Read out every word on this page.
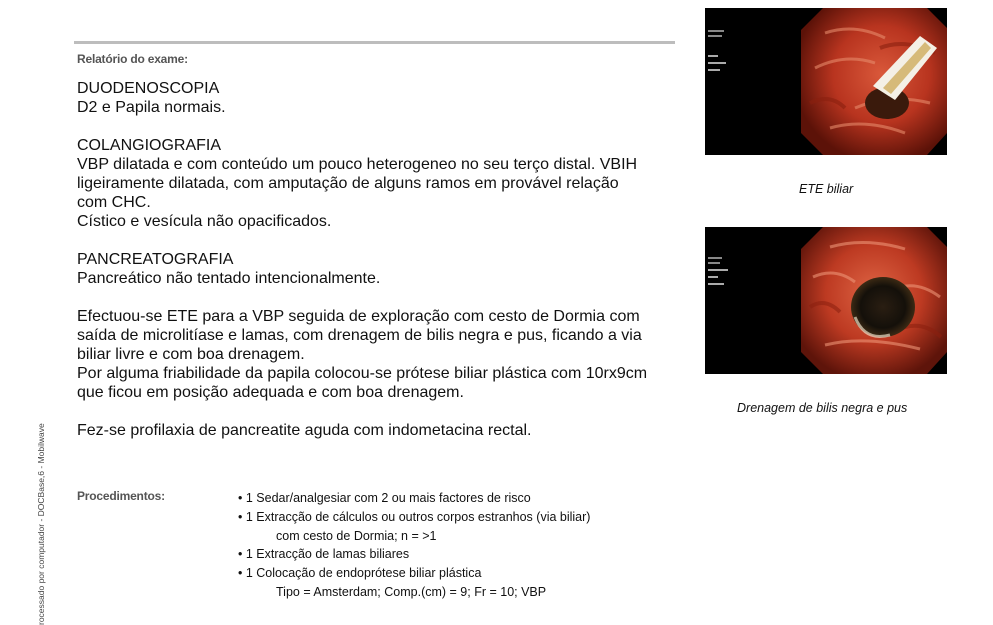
Relatório do exame:

DUODENOSCOPIA

D2 e Papila normais.

COLANGIOGRAFIA

VBP dilatada e com conteúdo um pouco heterogeneo no seu terço distal. VBIH

ligeiramente dilatada, com amputação de alguns ramos em provável relação

com CHC.

Cístico e vesícula não opacificados.

PANCREATOGRAFIA

Pancreático não tentado intencionalmente.

Efectuou-se ETE para a VBP seguida de exploração com cesto de Dormia com

saída de microlitíase e lamas, com drenagem de bilis negra e pus, ficando a via

biliar livre e com boa drenagem.

Por alguma friabilidade da papila colocou-se prótese biliar plástica com 10rx9cm

que ficou em posição adequada e com boa drenagem.

Fez-se profilaxia de pancreatite aguda com indometacina rectal.

Procedimentos:	• 1 Sedar/analgesiar com 2 ou mais factores de risco
• 1 Extracção de cálculos ou outros corpos estranhos (via biliar)
com cesto de Dormia; n = >1
• 1 Extracção de lamas biliares
• 1 Colocação de endoprótese biliar plástica
Tipo = Amsterdam; Comp.(cm) = 9; Fr = 10; VBP
ETE biliar
Drenagem de bilis negra e pus
rocessado por computador - DOCBase,6 - Mobilwave
